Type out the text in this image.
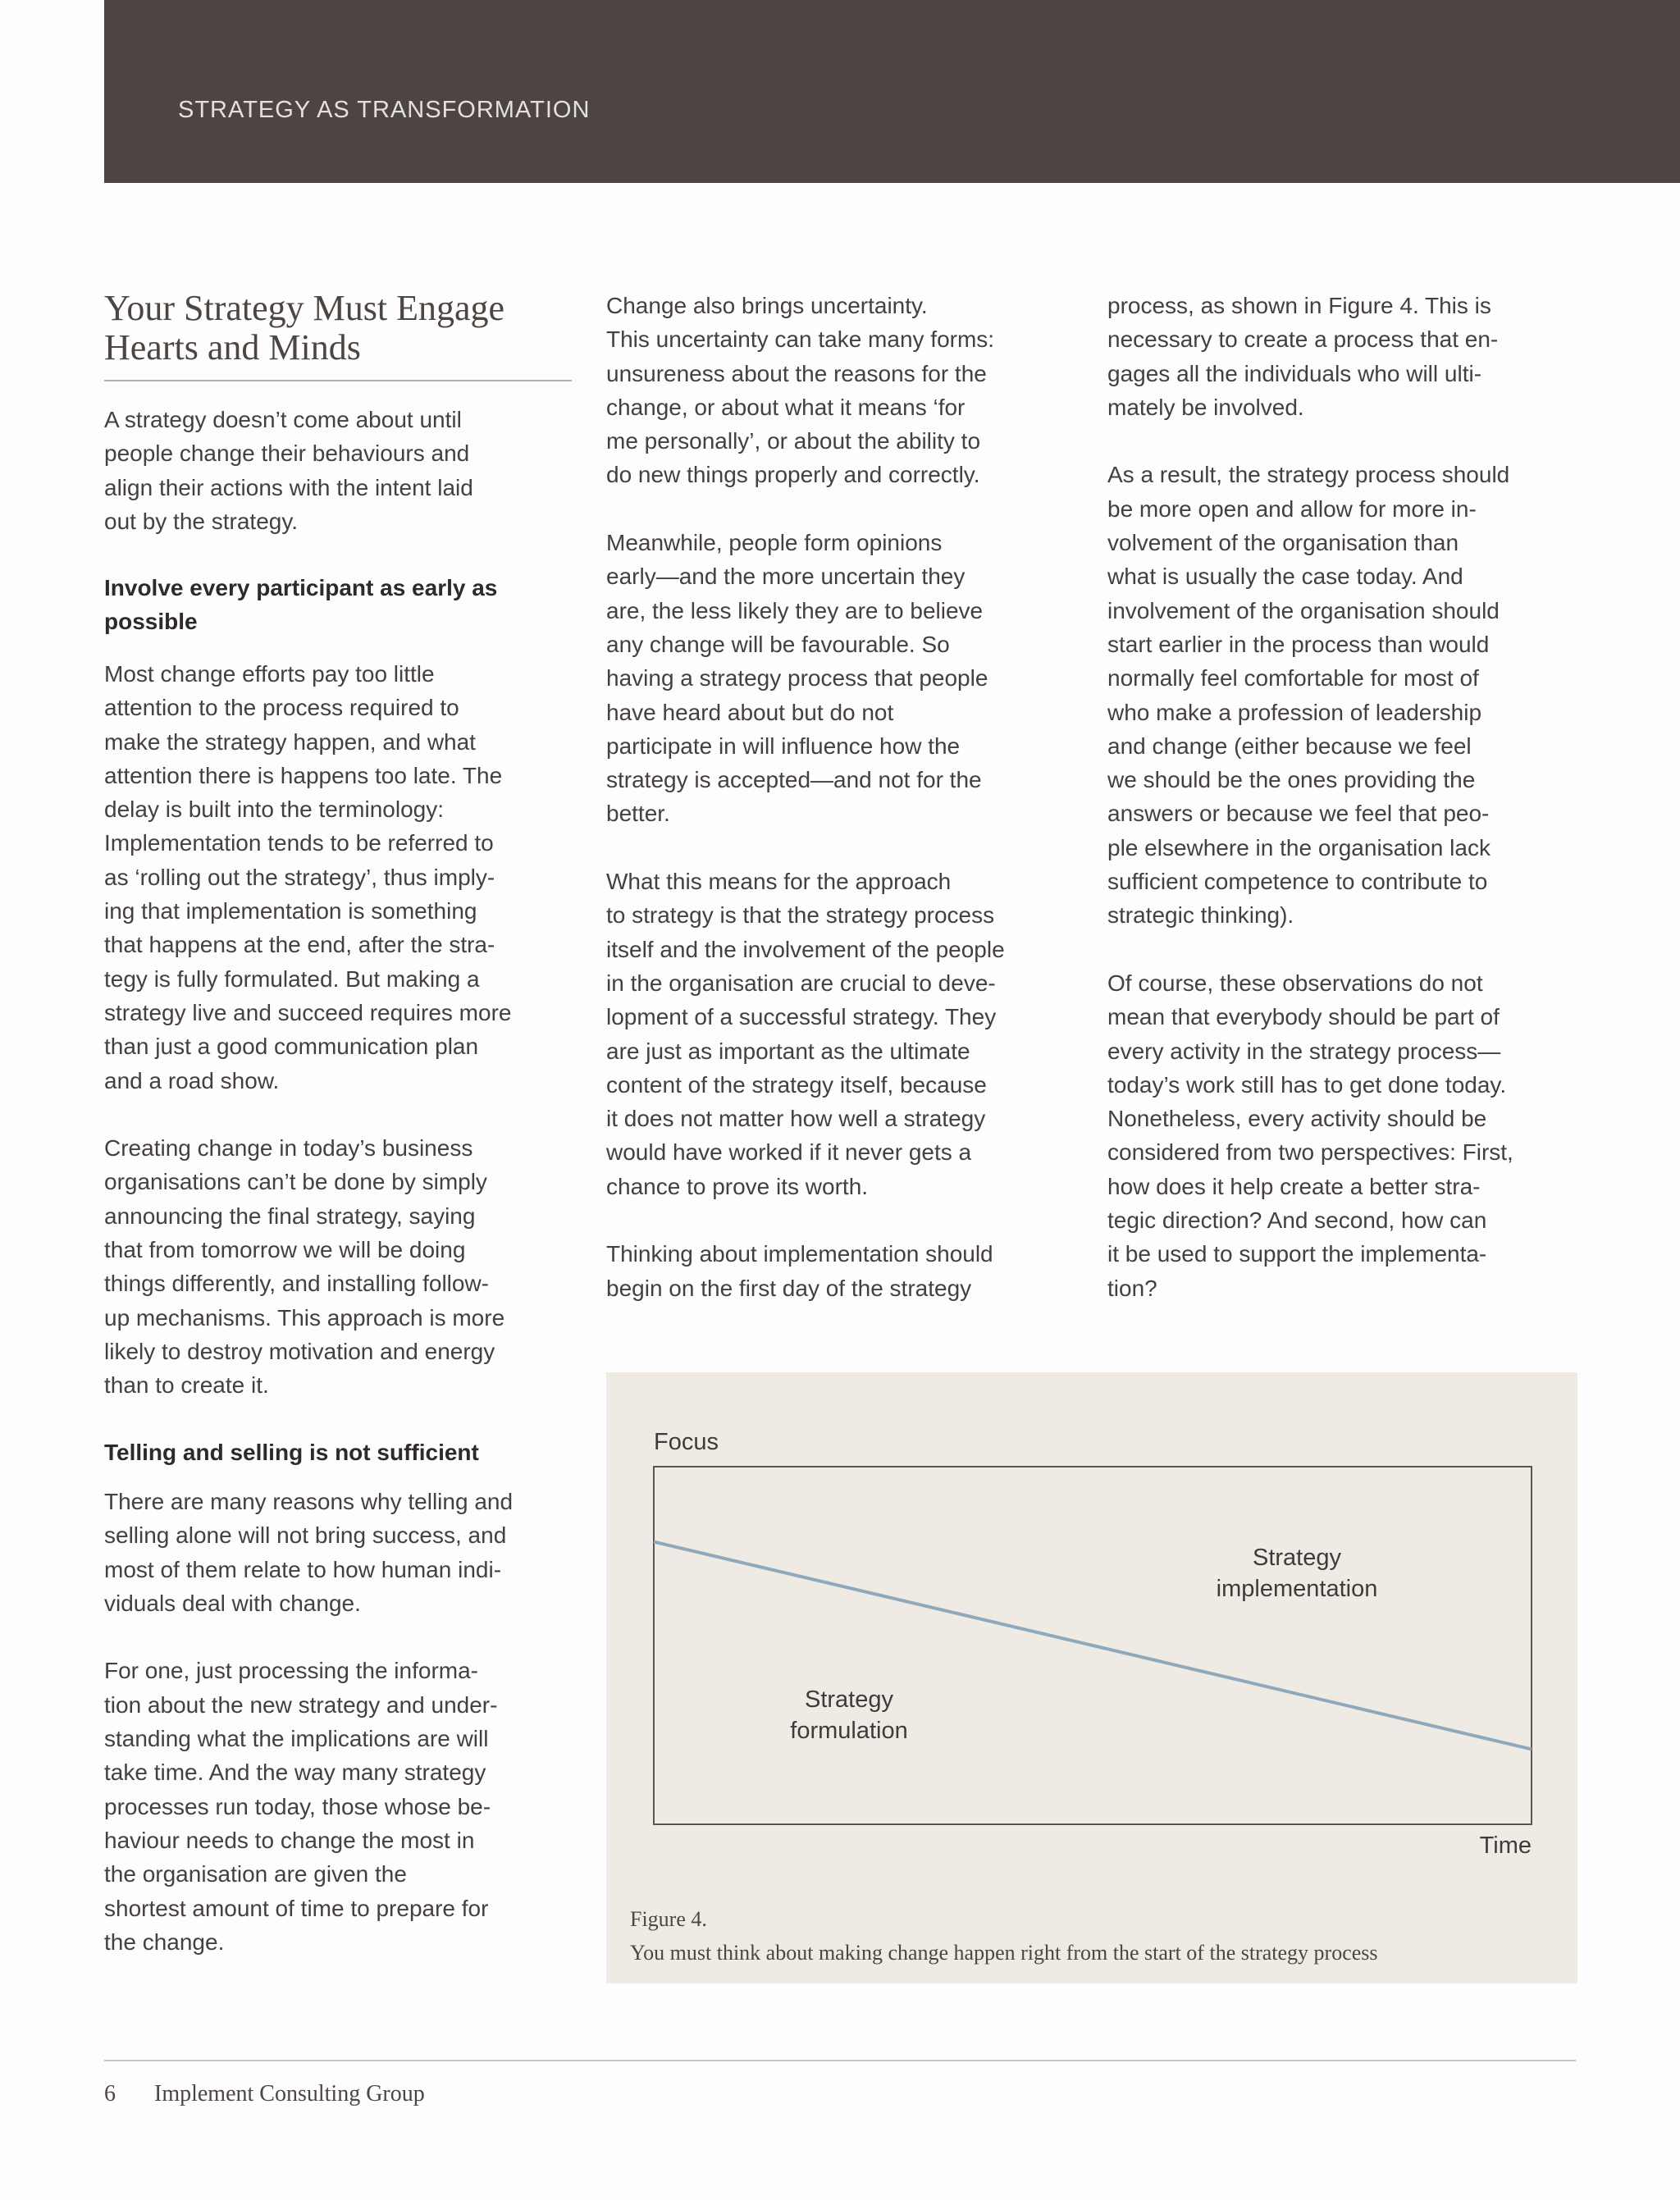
STRATEGY AS TRANSFORMATION
Your Strategy Must Engage
Hearts and Minds
A strategy doesn’t come about until
people change their behaviours and
align their actions with the intent laid
out by the strategy.
Involve every participant as early as
possible
Most change efforts pay too little
attention to the process required to
make the strategy happen, and what
attention there is happens too late. The
delay is built into the terminology:
Implementation tends to be referred to
as ‘rolling out the strategy’, thus imply-
ing that implementation is something
that happens at the end, after the stra-
tegy is fully formulated. But making a
strategy live and succeed requires more
than just a good communication plan
and a road show.
Creating change in today’s business
organisations can’t be done by simply
announcing the final strategy, saying
that from tomorrow we will be doing
things differently, and installing follow-
up mechanisms. This approach is more
likely to destroy motivation and energy
than to create it.
Telling and selling is not sufficient
There are many reasons why telling and
selling alone will not bring success, and
most of them relate to how human indi-
viduals deal with change.
For one, just processing the informa-
tion about the new strategy and under-
standing what the implications are will
take time. And the way many strategy
processes run today, those whose be-
haviour needs to change the most in
the organisation are given the
shortest amount of time to prepare for
the change.
Change also brings uncertainty.
This uncertainty can take many forms:
unsureness about the reasons for the
change, or about what it means ‘for
me personally’, or about the ability to
do new things properly and correctly.
Meanwhile, people form opinions
early—and the more uncertain they
are, the less likely they are to believe
any change will be favourable. So
having a strategy process that people
have heard about but do not
participate in will influence how the
strategy is accepted—and not for the
better.
What this means for the approach
to strategy is that the strategy process
itself and the involvement of the people
in the organisation are crucial to deve-
lopment of a successful strategy. They
are just as important as the ultimate
content of the strategy itself, because
it does not matter how well a strategy
would have worked if it never gets a
chance to prove its worth.
Thinking about implementation should
begin on the first day of the strategy
process, as shown in Figure 4. This is
necessary to create a process that en-
gages all the individuals who will ulti-
mately be involved.
As a result, the strategy process should
be more open and allow for more in-
volvement of the organisation than
what is usually the case today. And
involvement of the organisation should
start earlier in the process than would
normally feel comfortable for most of
who make a profession of leadership
and change (either because we feel
we should be the ones providing the
answers or because we feel that peo-
ple elsewhere in the organisation lack
sufficient competence to contribute to
strategic thinking).
Of course, these observations do not
mean that everybody should be part of
every activity in the strategy process—
today’s work still has to get done today.
Nonetheless, every activity should be
considered from two perspectives: First,
how does it help create a better stra-
tegic direction? And second, how can
it be used to support the implementa-
tion?
Focus
Time
Strategy
implementation
Strategy
formulation
Figure 4.
You must think about making change happen right from the start of the strategy process
6 Implement Consulting Group
